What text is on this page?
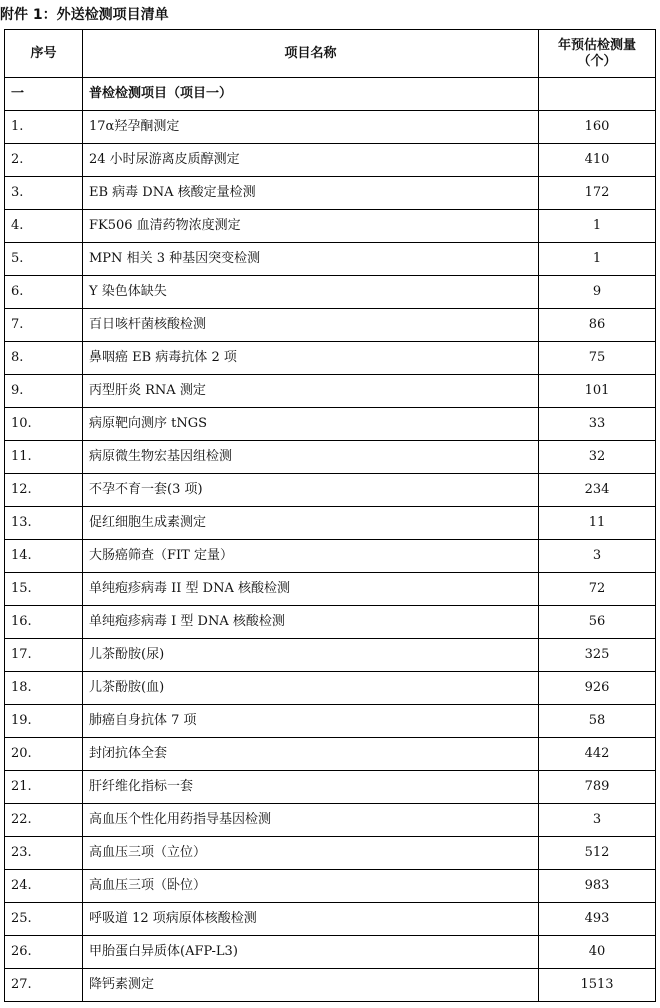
附件 1：外送检测项目清单
序号	项目名称	年预估检测量
（个）

一	普检检测项目（项目一）	
1.	17α羟孕酮测定	160
2.	24 小时尿游离皮质醇测定	410
3.	EB 病毒 DNA 核酸定量检测	172
4.	FK506 血清药物浓度测定	1
5.	MPN 相关 3 种基因突变检测	1
6.	Y 染色体缺失	9
7.	百日咳杆菌核酸检测	86
8.	鼻咽癌 EB 病毒抗体 2 项	75
9.	丙型肝炎 RNA 测定	101
10.	病原靶向测序 tNGS	33
11.	病原微生物宏基因组检测	32
12.	不孕不育一套(3 项)	234
13.	促红细胞生成素测定	11
14.	大肠癌筛查（FIT 定量）	3
15.	单纯疱疹病毒 II 型 DNA 核酸检测	72
16.	单纯疱疹病毒 I 型 DNA 核酸检测	56
17.	儿茶酚胺(尿)	325
18.	儿茶酚胺(血)	926
19.	肺癌自身抗体 7 项	58
20.	封闭抗体全套	442
21.	肝纤维化指标一套	789
22.	高血压个性化用药指导基因检测	3
23.	高血压三项（立位）	512
24.	高血压三项（卧位）	983
25.	呼吸道 12 项病原体核酸检测	493
26.	甲胎蛋白异质体(AFP-L3)	40
27.	降钙素测定	1513
